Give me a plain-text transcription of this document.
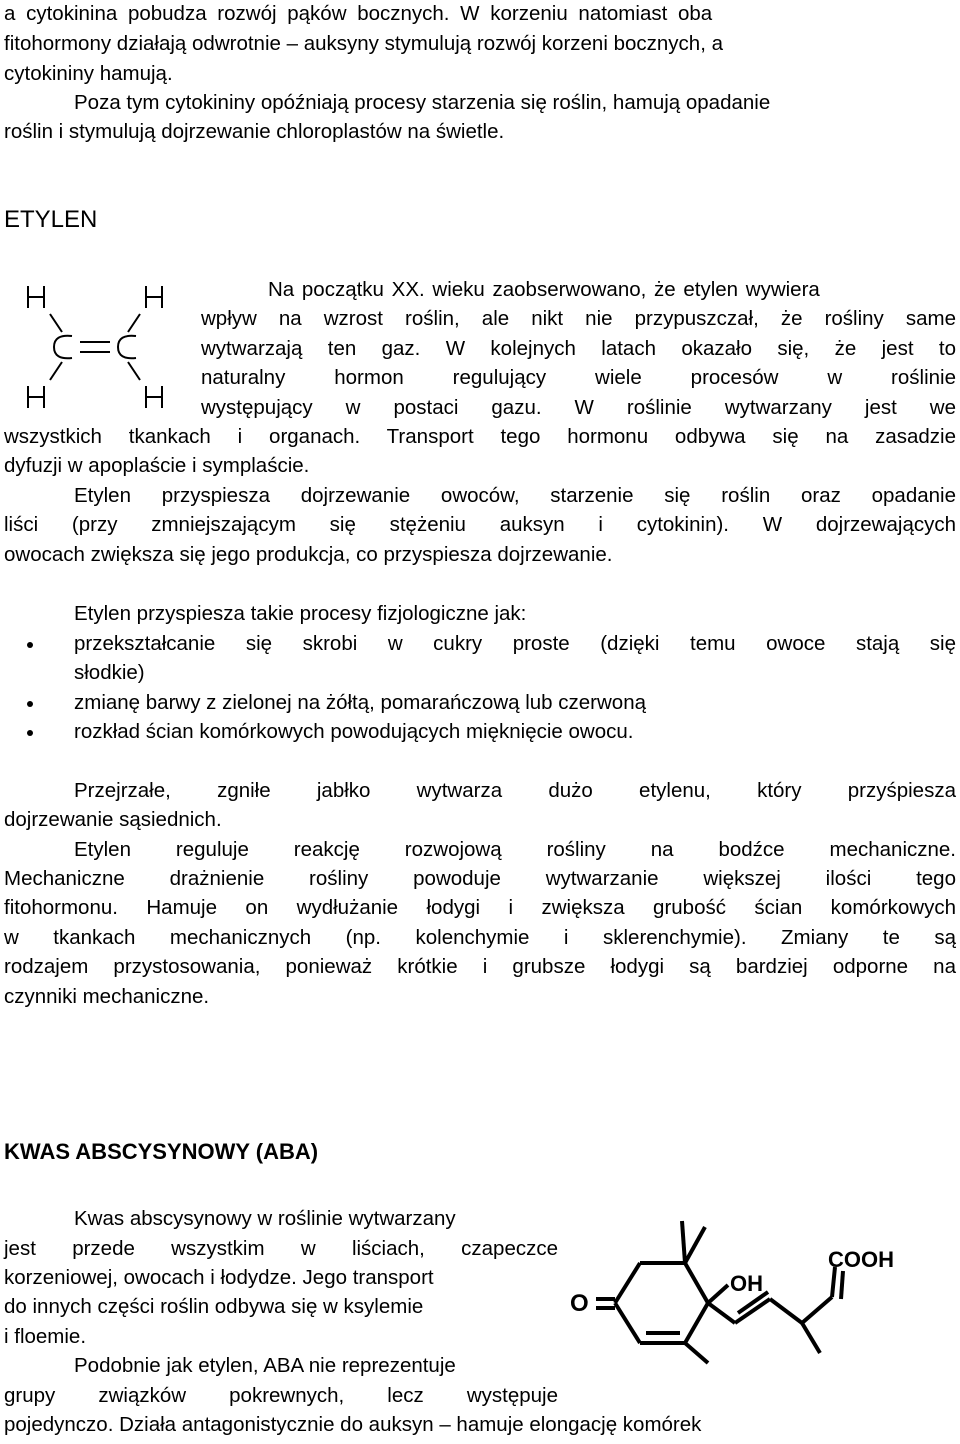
a cytokinina pobudza rozwój pąków bocznych. W korzeniu natomiast oba
fitohormony działają odwrotnie – auksyny stymulują rozwój korzeni bocznych, a
cytokininy hamują.
Poza tym cytokininy opóźniają procesy starzenia się roślin, hamują opadanie
roślin i stymulują dojrzewanie chloroplastów na świetle.
ETYLEN
Na początku XX. wieku zaobserwowano, że etylen wywiera
wpływ na wzrost roślin, ale nikt nie przypuszczał, że rośliny same
wytwarzają ten gaz. W kolejnych latach okazało się, że jest to
naturalny hormon regulujący wiele procesów w roślinie
występujący w postaci gazu. W roślinie wytwarzany jest we
wszystkich tkankach i organach. Transport tego hormonu odbywa się na zasadzie
dyfuzji w apoplaście i symplaście.
Etylen przyspiesza dojrzewanie owoców, starzenie się roślin oraz opadanie
liści (przy zmniejszającym się stężeniu auksyn i cytokinin). W dojrzewających
owocach zwiększa się jego produkcja, co przyspiesza dojrzewanie.
Etylen przyspiesza takie procesy fizjologiczne jak:
przekształcanie się skrobi w cukry proste (dzięki temu owoce stają się
słodkie)
zmianę barwy z zielonej na żółtą, pomarańczową lub czerwoną
rozkład ścian komórkowych powodujących mięknięcie owocu.
Przejrzałe, zgniłe jabłko wytwarza dużo etylenu, który przyśpiesza
dojrzewanie sąsiednich.
Etylen reguluje reakcję rozwojową rośliny na bodźce mechaniczne.
Mechaniczne drażnienie rośliny powoduje wytwarzanie większej ilości tego
fitohormonu. Hamuje on wydłużanie łodygi i zwiększa grubość ścian komórkowych
w tkankach mechanicznych (np. kolenchymie i sklerenchymie). Zmiany te są
rodzajem przystosowania, ponieważ krótkie i grubsze łodygi są bardziej odporne na
czynniki mechaniczne.
KWAS ABSCYSYNOWY (ABA)
Kwas abscysynowy w roślinie wytwarzany
jest przede wszystkim w liściach, czapeczce
korzeniowej, owocach i łodydze. Jego transport
do innych części roślin odbywa się w ksylemie
i floemie.
Podobnie jak etylen, ABA nie reprezentuje
grupy związków pokrewnych, lecz występuje
pojedynczo. Działa antagonistycznie do auksyn – hamuje elongację komórek
O
OH
COOH
